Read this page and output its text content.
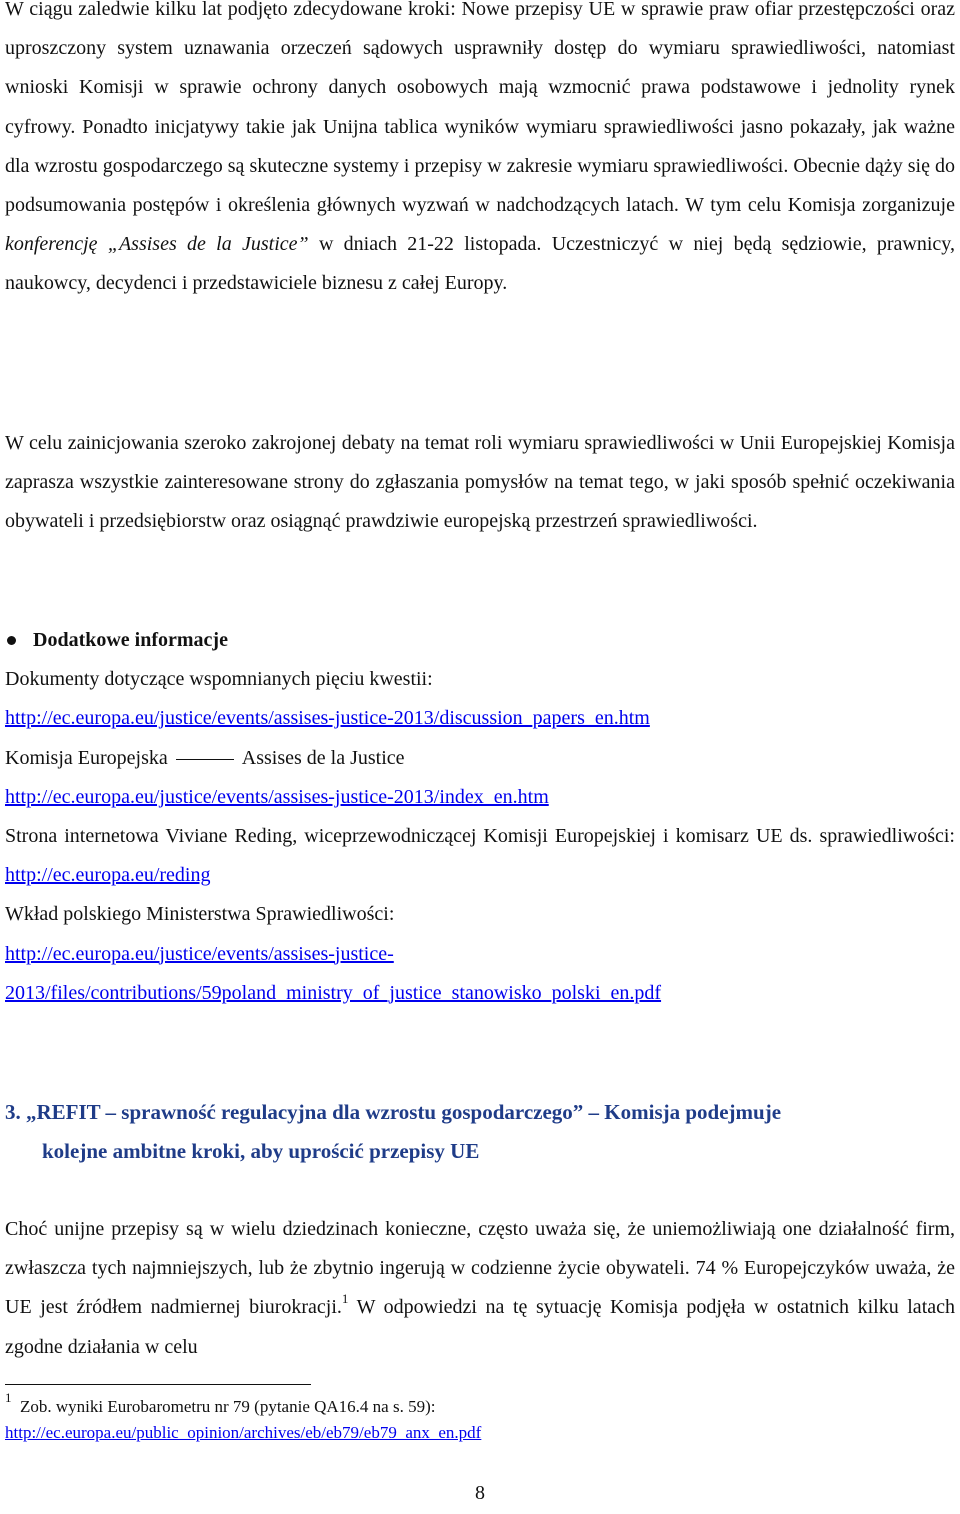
W ciągu zaledwie kilku lat podjęto zdecydowane kroki: Nowe przepisy UE w sprawie praw ofiar przestępczości oraz uproszczony system uznawania orzeczeń sądowych usprawniły dostęp do wymiaru sprawiedliwości, natomiast wnioski Komisji w sprawie ochrony danych osobowych mają wzmocnić prawa podstawowe i jednolity rynek cyfrowy. Ponadto inicjatywy takie jak Unijna tablica wyników wymiaru sprawiedliwości jasno pokazały, jak ważne dla wzrostu gospodarczego są skuteczne systemy i przepisy w zakresie wymiaru sprawiedliwości. Obecnie dąży się do podsumowania postępów i określenia głównych wyzwań w nadchodzących latach. W tym celu Komisja zorganizuje konferencję „Assises de la Justice” w dniach 21-22 listopada. Uczestniczyć w niej będą sędziowie, prawnicy, naukowcy, decydenci i przedstawiciele biznesu z całej Europy.

W celu zainicjowania szeroko zakrojonej debaty na temat roli wymiaru sprawiedliwości w Unii Europejskiej Komisja zaprasza wszystkie zainteresowane strony do zgłaszania pomysłów na temat tego, w jaki sposób spełnić oczekiwania obywateli i przedsiębiorstw oraz osiągnąć prawdziwie europejską przestrzeń sprawiedliwości.

Dodatkowe informacje
Dokumenty dotyczące wspomnianych pięciu kwestii:
http://ec.europa.eu/justice/events/assises-justice-2013/discussion_papers_en.htm
Komisja Europejska	Assises de la Justice
http://ec.europa.eu/justice/events/assises-justice-2013/index_en.htm

Strona internetowa Viviane Reding, wiceprzewodniczącej Komisji Europejskiej i komisarz UE ds. sprawiedliwości: http://ec.europa.eu/reding

Wkład polskiego Ministerstwa Sprawiedliwości:
http://ec.europa.eu/justice/events/assises-justice-
2013/files/contributions/59poland_ministry_of_justice_stanowisko_polski_en.pdf
3. „REFIT – sprawność regulacyjna dla wzrostu gospodarczego” – Komisja podejmuje
kolejne ambitne kroki, aby uprościć przepisy UE

Choć unijne przepisy są w wielu dziedzinach konieczne, często uważa się, że uniemożliwiają one działalność firm, zwłaszcza tych najmniejszych, lub że zbytnio ingerują w codzienne życie obywateli. 74 % Europejczyków uważa, że UE jest źródłem nadmiernej biurokracji.$^1$ W odpowiedzi na tę sytuację Komisja podjęła w ostatnich kilku latach zgodne działania w celu

$^1$ Zob. wyniki Eurobarometru nr 79 (pytanie QA16.4 na s. 59):
http://ec.europa.eu/public_opinion/archives/eb/eb79/eb79_anx_en.pdf
8
